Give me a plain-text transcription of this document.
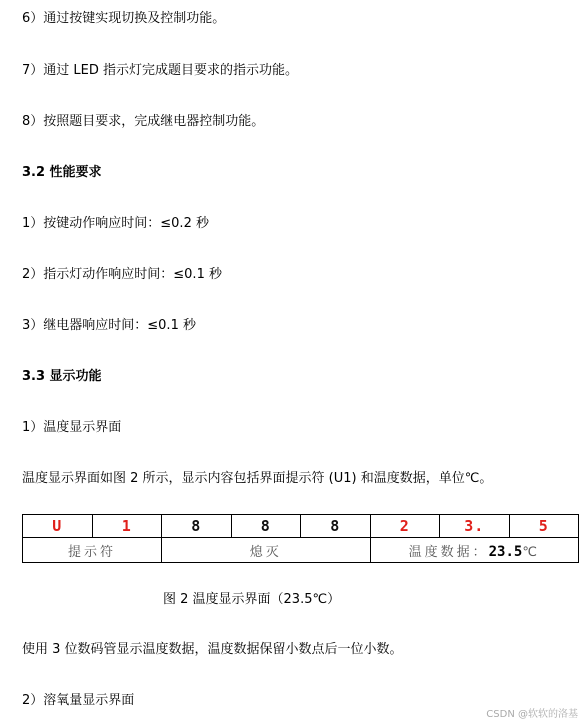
6）通过按键实现切换及控制功能。
7）通过 LED 指示灯完成题目要求的指示功能。
8）按照题目要求，完成继电器控制功能。
3.2 性能要求
1）按键动作响应时间：≤0.2 秒
2）指示灯动作响应时间：≤0.1 秒
3）继电器响应时间：≤0.1 秒
3.3 显示功能
1）温度显示界面
温度显示界面如图 2 所示，显示内容包括界面提示符 (U1) 和温度数据，单位℃。
U	1	8	8	8	2	3.	5
提示符		熄灭			温度数据：23.5℃		
图 2 温度显示界面（23.5℃）
使用 3 位数码管显示温度数据，温度数据保留小数点后一位小数。
2）溶氧量显示界面
CSDN @软软的洛基
